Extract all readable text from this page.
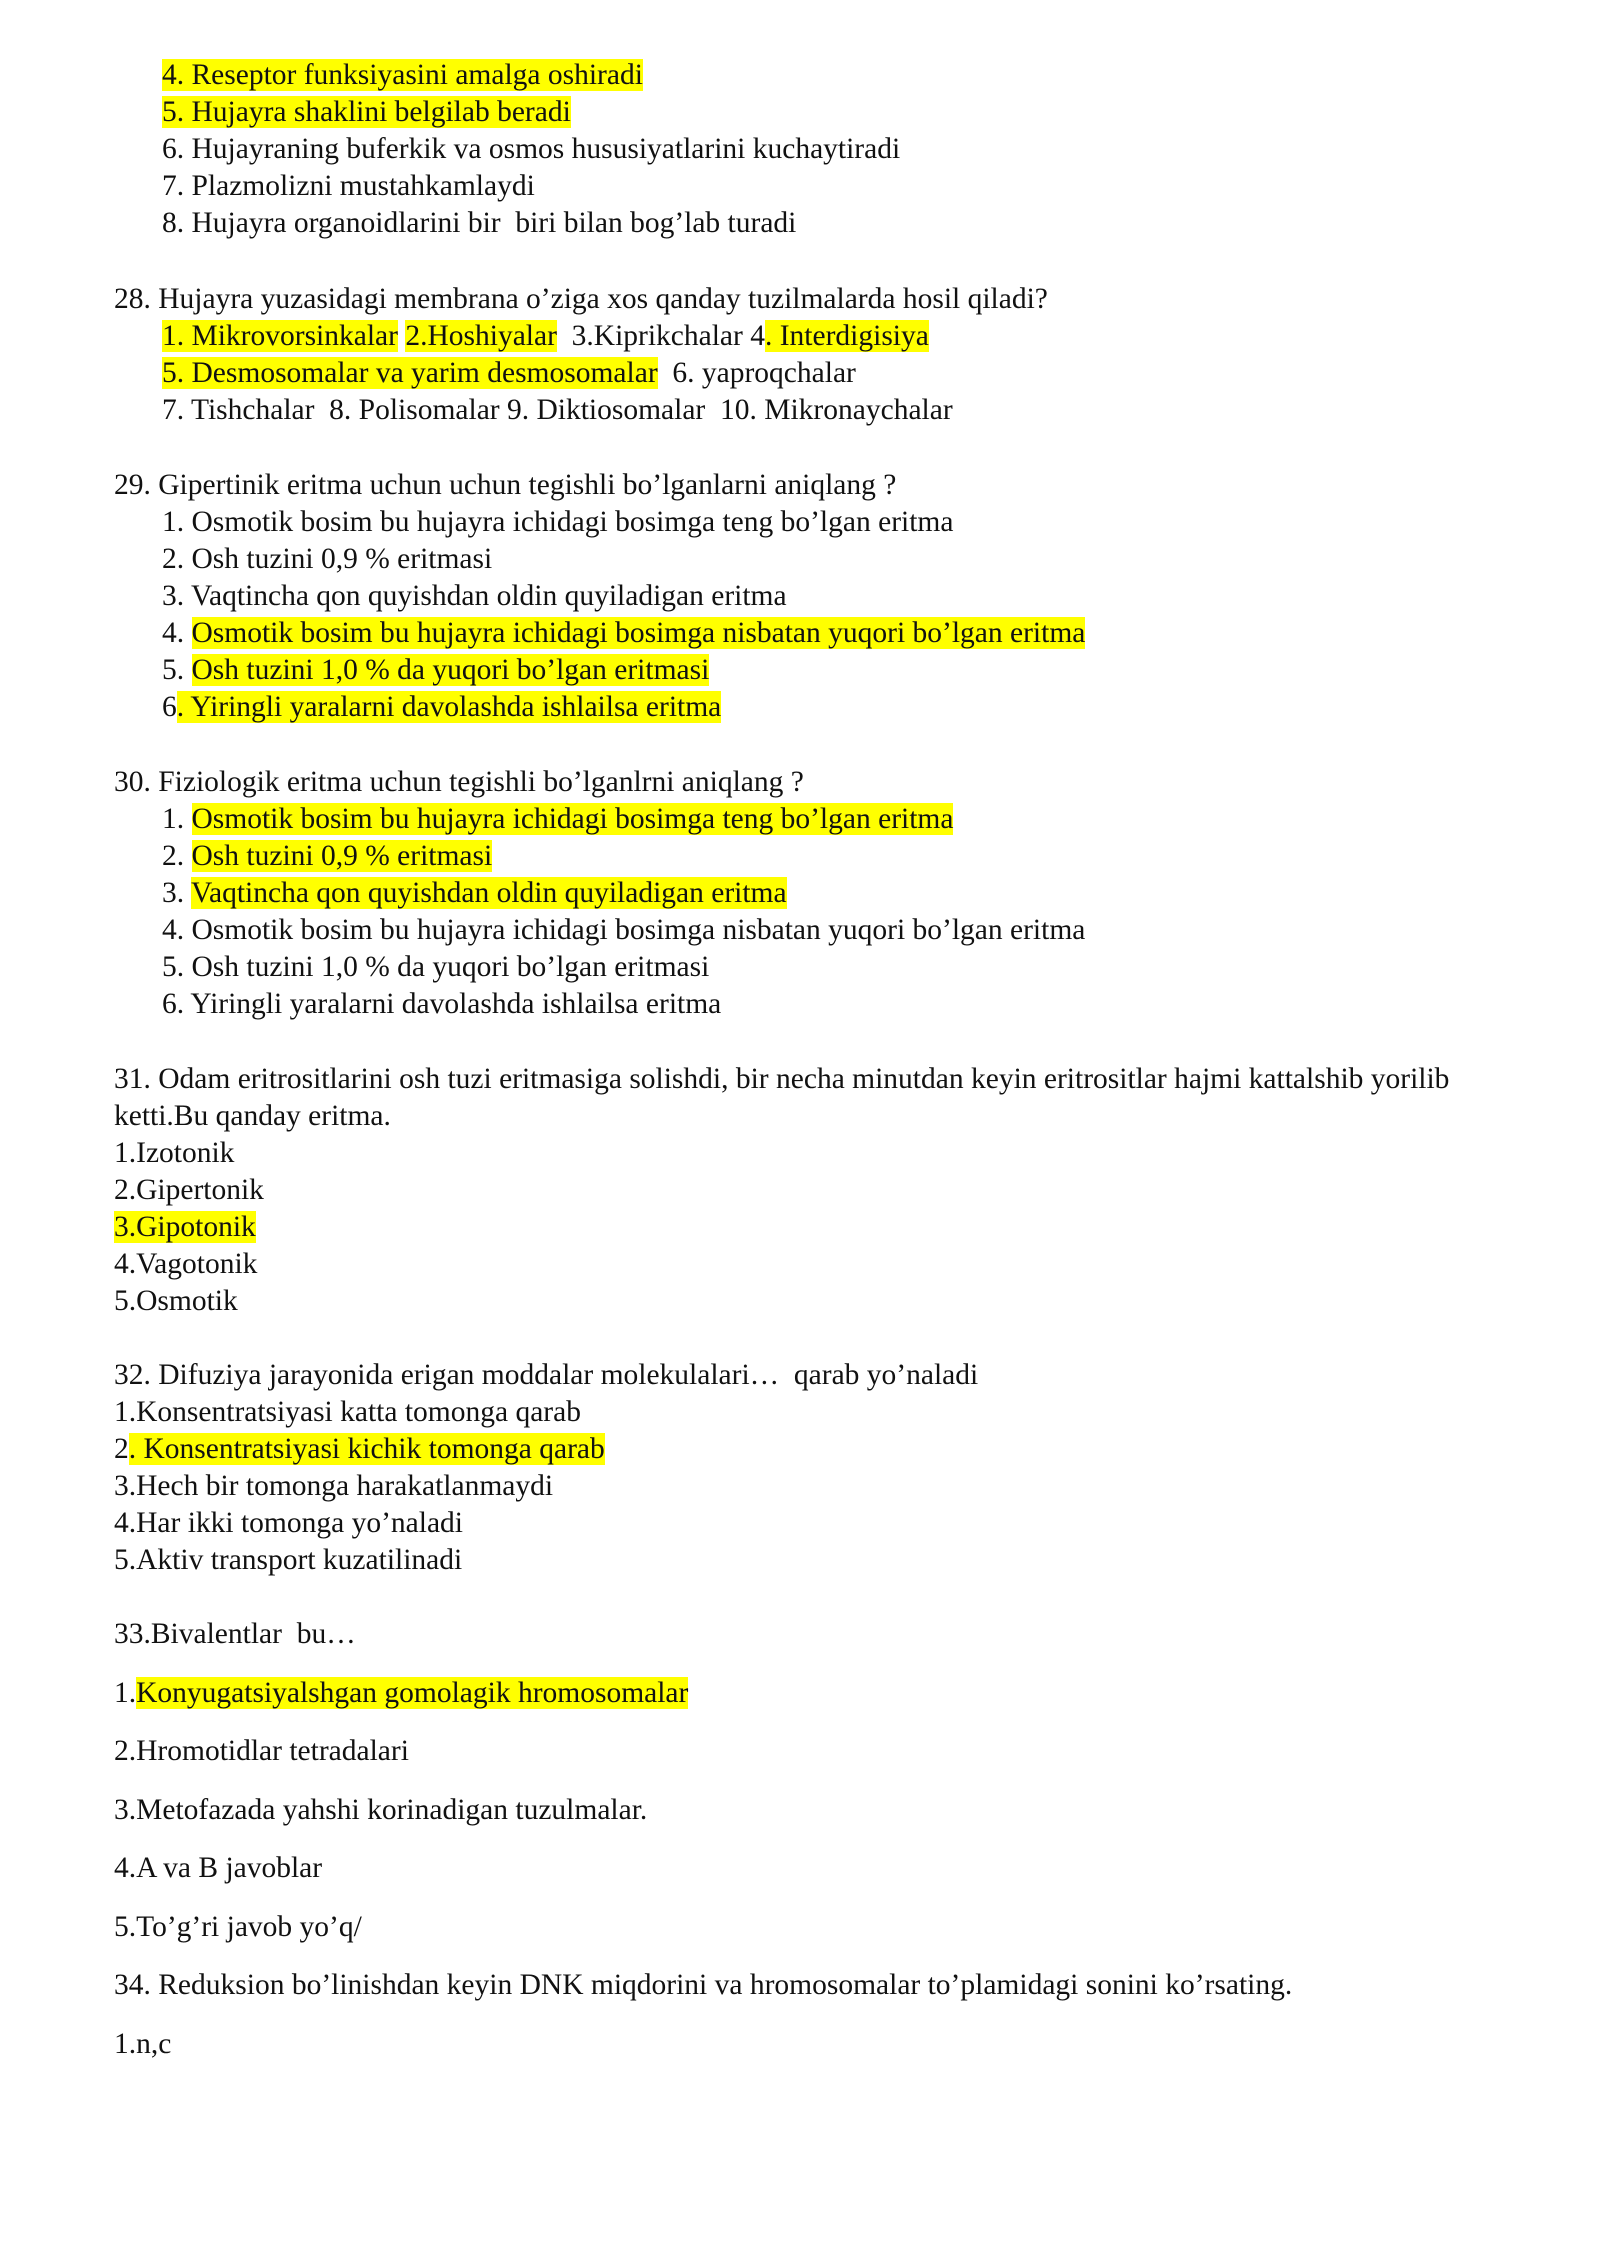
4. Reseptor funksiyasini amalga oshiradi
5. Hujayra shaklini belgilab beradi
6. Hujayraning buferkik va osmos hususiyatlarini kuchaytiradi
7. Plazmolizni mustahkamlaydi
8. Hujayra organoidlarini bir  biri bilan bog’lab turadi
28. Hujayra yuzasidagi membrana o’ziga xos qanday tuzilmalarda hosil qiladi?
1. Mikrovorsinkalar 2.Hoshiyalar  3.Kiprikchalar 4. Interdigisiya
5. Desmosomalar va yarim desmosomalar  6. yaproqchalar
7. Tishchalar  8. Polisomalar 9. Diktiosomalar  10. Mikronaychalar
29. Gipertinik eritma uchun uchun tegishli bo’lganlarni aniqlang ?
1. Osmotik bosim bu hujayra ichidagi bosimga teng bo’lgan eritma
2. Osh tuzini 0,9 % eritmasi
3. Vaqtincha qon quyishdan oldin quyiladigan eritma
4. Osmotik bosim bu hujayra ichidagi bosimga nisbatan yuqori bo’lgan eritma
5. Osh tuzini 1,0 % da yuqori bo’lgan eritmasi
6. Yiringli yaralarni davolashda ishlailsa eritma
30. Fiziologik eritma uchun tegishli bo’lganlrni aniqlang ?
1. Osmotik bosim bu hujayra ichidagi bosimga teng bo’lgan eritma
2. Osh tuzini 0,9 % eritmasi
3. Vaqtincha qon quyishdan oldin quyiladigan eritma
4. Osmotik bosim bu hujayra ichidagi bosimga nisbatan yuqori bo’lgan eritma
5. Osh tuzini 1,0 % da yuqori bo’lgan eritmasi
6. Yiringli yaralarni davolashda ishlailsa eritma
31. Odam eritrositlarini osh tuzi eritmasiga solishdi, bir necha minutdan keyin eritrositlar hajmi kattalshib yorilib
ketti.Bu qanday eritma.
1.Izotonik
2.Gipertonik
3.Gipotonik
4.Vagotonik
5.Osmotik
32. Difuziya jarayonida erigan moddalar molekulalari…  qarab yo’naladi
1.Konsentratsiyasi katta tomonga qarab
2. Konsentratsiyasi kichik tomonga qarab
3.Hech bir tomonga harakatlanmaydi
4.Har ikki tomonga yo’naladi
5.Aktiv transport kuzatilinadi
33.Bivalentlar  bu…
1.Konyugatsiyalshgan gomolagik hromosomalar
2.Hromotidlar tetradalari
3.Metofazada yahshi korinadigan tuzulmalar.
4.A va B javoblar
5.To’g’ri javob yo’q/
34. Reduksion bo’linishdan keyin DNK miqdorini va hromosomalar to’plamidagi sonini ko’rsating.
1.n,c
